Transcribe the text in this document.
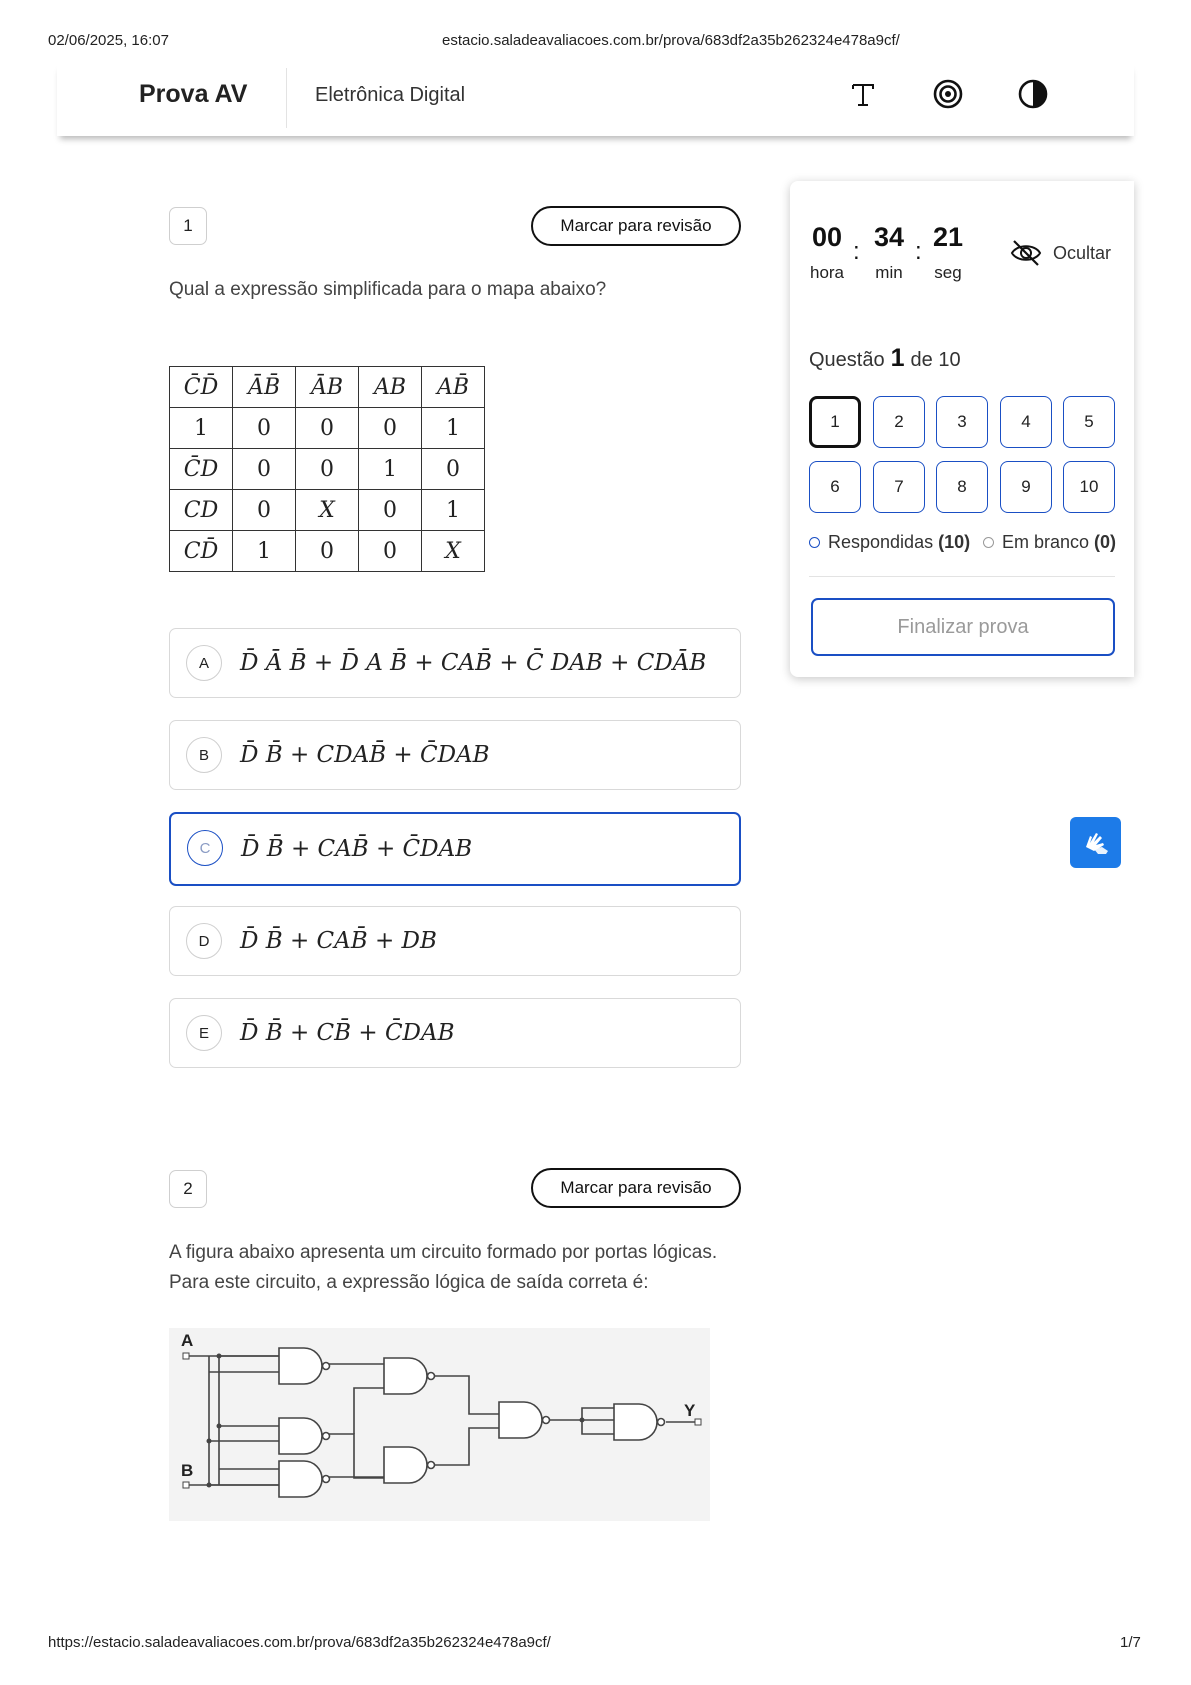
02/06/2025, 16:07	estacio.saladeavaliacoes.com.br/prova/683df2a35b262324e478a9cf/
Prova AV	Eletrônica Digital
1	Marcar para revisão
Qual a expressão simplificada para o mapa abaixo?
C̄D̄	ĀB̄	ĀB	AB	AB̄
1	0	0	0	1
C̄D	0	0	1	0
CD	0	X	0	1
CD̄	1	0	0	X
A	D̄ Ā B̄ + D̄ A B̄ + CAB̄ + C̄ DAB + CDĀB
B	D̄ B̄ + CDAB̄ + C̄DAB
C	D̄ B̄ + CAB̄ + C̄DAB
D	D̄ B̄ + CAB̄ + DB
E	D̄ B̄ + CB̄ + C̄DAB
2	Marcar para revisão
A figura abaixo apresenta um circuito formado por portas lógicas. Para este circuito, a expressão lógica de saída correta é:
A
B
Y
00 : 34 : 21
hora	min	seg
Ocultar
Questão 1 de 10
1	2	3	4	5
6	7	8	9	10
Respondidas (10) Em branco (0)
Finalizar prova
https://estacio.saladeavaliacoes.com.br/prova/683df2a35b262324e478a9cf/	1/7
